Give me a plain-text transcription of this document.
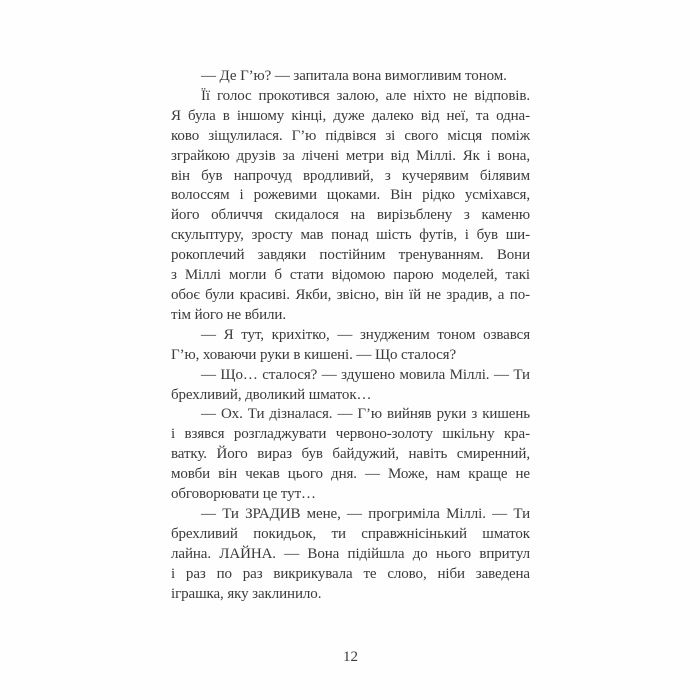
— Де Г’ю? — запитала вона вимогливим тоном.
Її голос прокотився залою, але ніхто не відповів.
Я була в іншому кінці, дуже далеко від неї, та одна-
ково зіщулилася. Г’ю підвівся зі свого місця поміж
зграйкою друзів за лічені метри від Міллі. Як і вона,
він був напрочуд вродливий, з кучерявим білявим
волоссям і рожевими щоками. Він рідко усміхався,
його обличчя скидалося на вирізьблену з каменю
скульптуру, зросту мав понад шість футів, і був ши-
рокоплечий завдяки постійним тренуванням. Вони
з Міллі могли б стати відомою парою моделей, такі
обоє були красиві. Якби, звісно, він їй не зрадив, а по-
тім його не вбили.
— Я тут, крихітко, — знудженим тоном озвався
Г’ю, ховаючи руки в кишені. — Що сталося?
— Що… сталося? — здушено мовила Міллі. — Ти
брехливий, дволикий шматок…
— Ох. Ти дізналася. — Г’ю вийняв руки з кишень
і взявся розгладжувати червоно-золоту шкільну кра-
ватку. Його вираз був байдужий, навіть смиренний,
мовби він чекав цього дня. — Може, нам краще не
обговорювати це тут…
— Ти ЗРАДИВ мене, — прогриміла Міллі. — Ти
брехливий покидьок, ти справжнісінький шматок
лайна. ЛАЙНА. — Вона підійшла до нього впритул
і раз по раз викрикувала те слово, ніби заведена
іграшка, яку заклинило.
12
